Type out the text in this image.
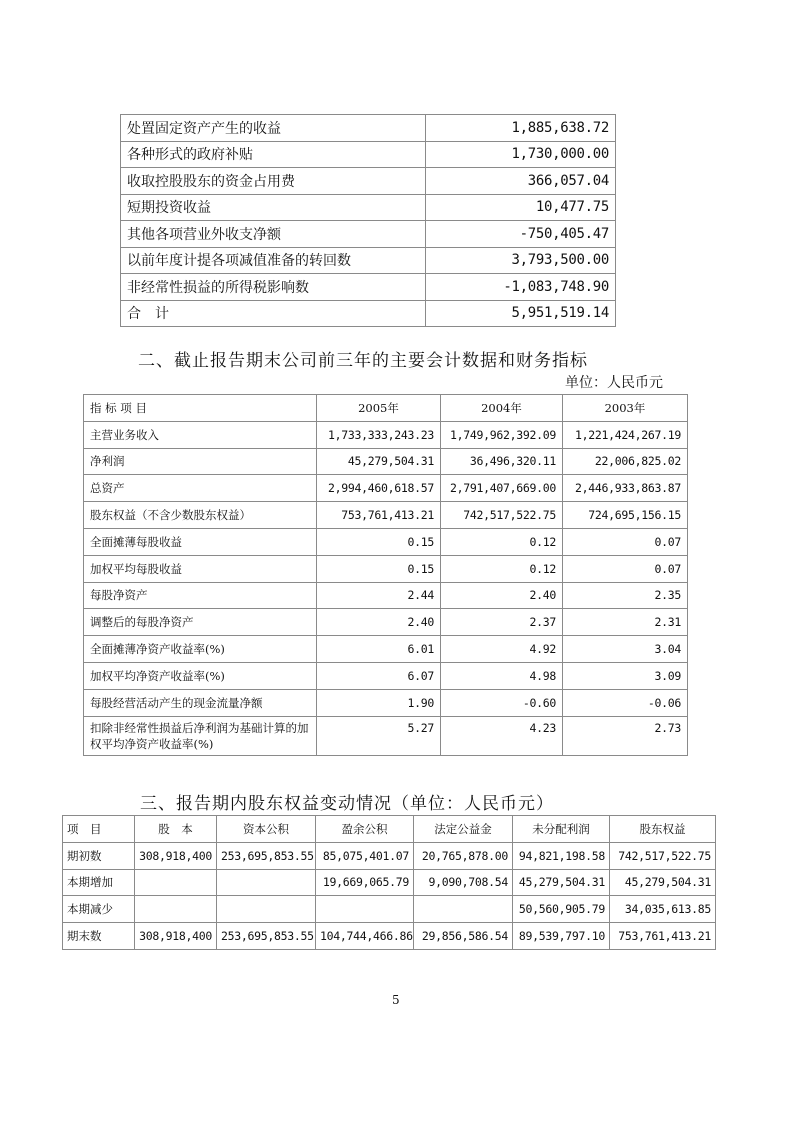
处置固定资产产生的收益	1,885,638.72
各种形式的政府补贴	1,730,000.00
收取控股股东的资金占用费	366,057.04
短期投资收益	10,477.75
其他各项营业外收支净额	-750,405.47
以前年度计提各项减值准备的转回数	3,793,500.00
非经常性损益的所得税影响数	-1,083,748.90
合　计	5,951,519.14
二、截止报告期末公司前三年的主要会计数据和财务指标
单位：人民币元
指 标 项 目	2005年	2004年	2003年
主营业务收入	1,733,333,243.23	1,749,962,392.09	1,221,424,267.19
净利润	45,279,504.31	36,496,320.11	22,006,825.02
总资产	2,994,460,618.57	2,791,407,669.00	2,446,933,863.87
股东权益（不含少数股东权益）	753,761,413.21	742,517,522.75	724,695,156.15
全面摊薄每股收益	0.15	0.12	0.07
加权平均每股收益	0.15	0.12	0.07
每股净资产	2.44	2.40	2.35
调整后的每股净资产	2.40	2.37	2.31
全面摊薄净资产收益率(%)	6.01	4.92	3.04
加权平均净资产收益率(%)	6.07	4.98	3.09
每股经营活动产生的现金流量净额	1.90	-0.60	-0.06
扣除非经常性损益后净利润为基础计算的加权平均净资产收益率(%)	5.27	4.23	2.73
三、报告期内股东权益变动情况（单位：人民币元）
项　目	股　本	资本公积	盈余公积	法定公益金	未分配利润	股东权益
期初数	308,918,400	253,695,853.55	85,075,401.07	20,765,878.00	94,821,198.58	742,517,522.75
本期增加			19,669,065.79	9,090,708.54	45,279,504.31	45,279,504.31
本期减少					50,560,905.79	34,035,613.85
期末数	308,918,400	253,695,853.55	104,744,466.86	29,856,586.54	89,539,797.10	753,761,413.21
5
